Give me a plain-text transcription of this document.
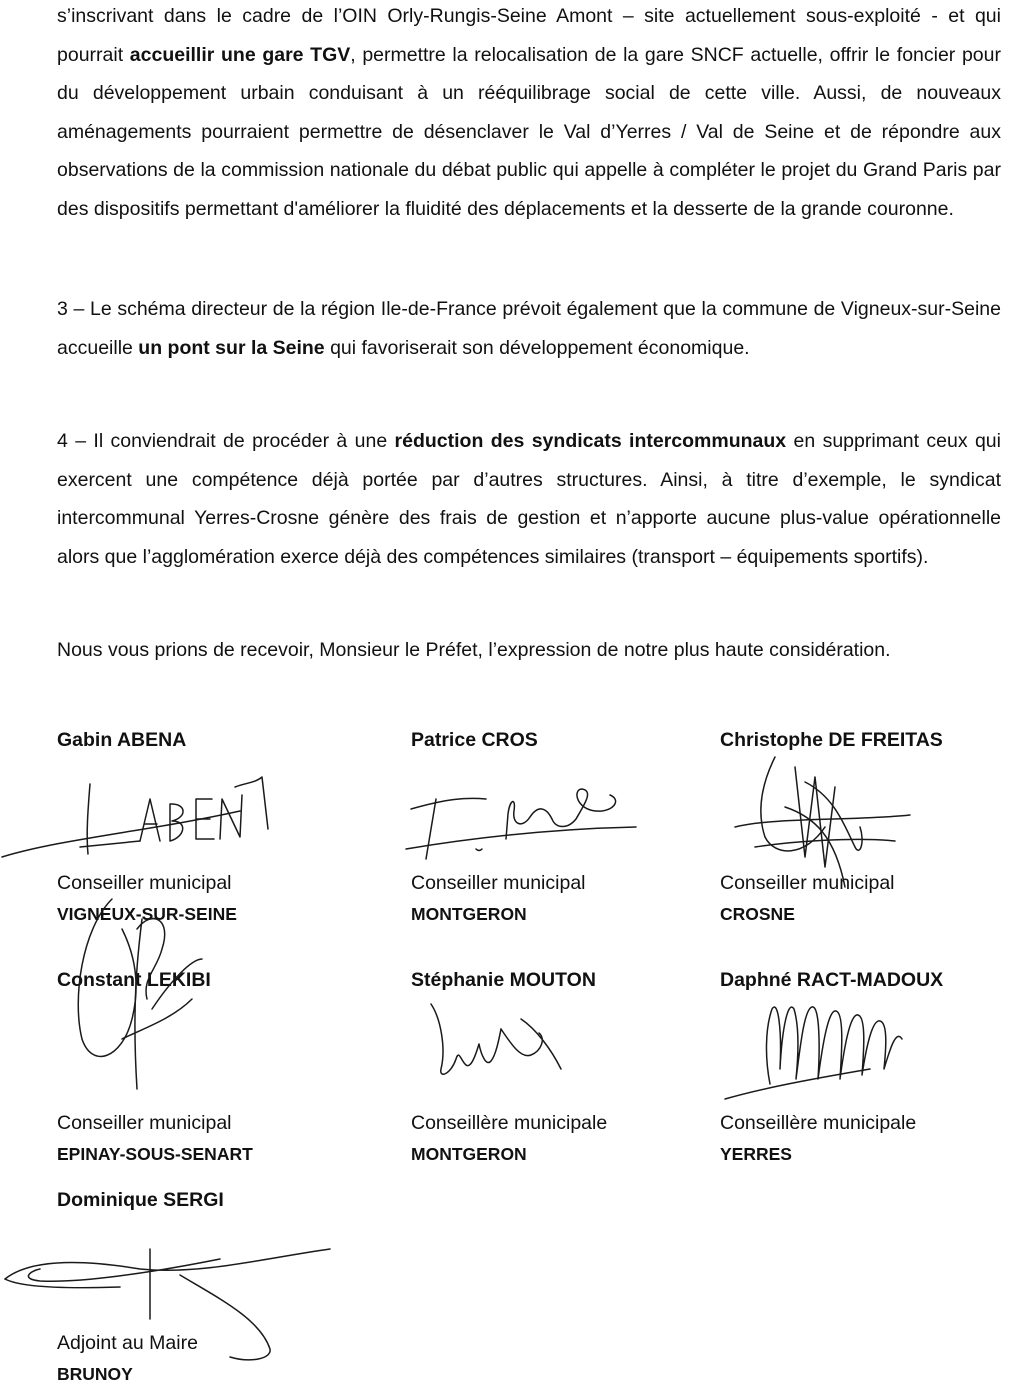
s’inscrivant dans le cadre de l’OIN Orly-Rungis-Seine Amont – site actuellement sous-exploité - et qui pourrait accueillir une gare TGV, permettre la relocalisation de la gare SNCF actuelle, offrir le foncier pour du développement urbain conduisant à un rééquilibrage social de cette ville. Aussi, de nouveaux aménagements pourraient permettre de désenclaver le Val d’Yerres / Val de Seine et de répondre aux observations de la commission nationale du débat public qui appelle à compléter le projet du Grand Paris par des dispositifs permettant d'améliorer la fluidité des déplacements et la desserte de la grande couronne.

3 – Le schéma directeur de la région Ile-de-France prévoit également que la commune de Vigneux-sur-Seine accueille un pont sur la Seine qui favoriserait son développement économique.

4 – Il conviendrait de procéder à une réduction des syndicats intercommunaux en supprimant ceux qui exercent une compétence déjà portée par d’autres structures. Ainsi, à titre d’exemple, le syndicat intercommunal Yerres-Crosne génère des frais de gestion et n’apporte aucune plus-value opérationnelle alors que l’agglomération exerce déjà des compétences similaires (transport – équipements sportifs).

Nous vous prions de recevoir, Monsieur le Préfet, l’expression de notre plus haute considération.

Gabin ABENA
Conseiller municipal
VIGNEUX-SUR-SEINE
Patrice CROS
Conseiller municipal
MONTGERON
Christophe DE FREITAS
Conseiller municipal
CROSNE
Constant LEKIBI
Conseiller municipal
EPINAY-SOUS-SENART
Stéphanie MOUTON
Conseillère municipale
MONTGERON
Daphné RACT-MADOUX
Conseillère municipale
YERRES
Dominique SERGI
Adjoint au Maire
BRUNOY
